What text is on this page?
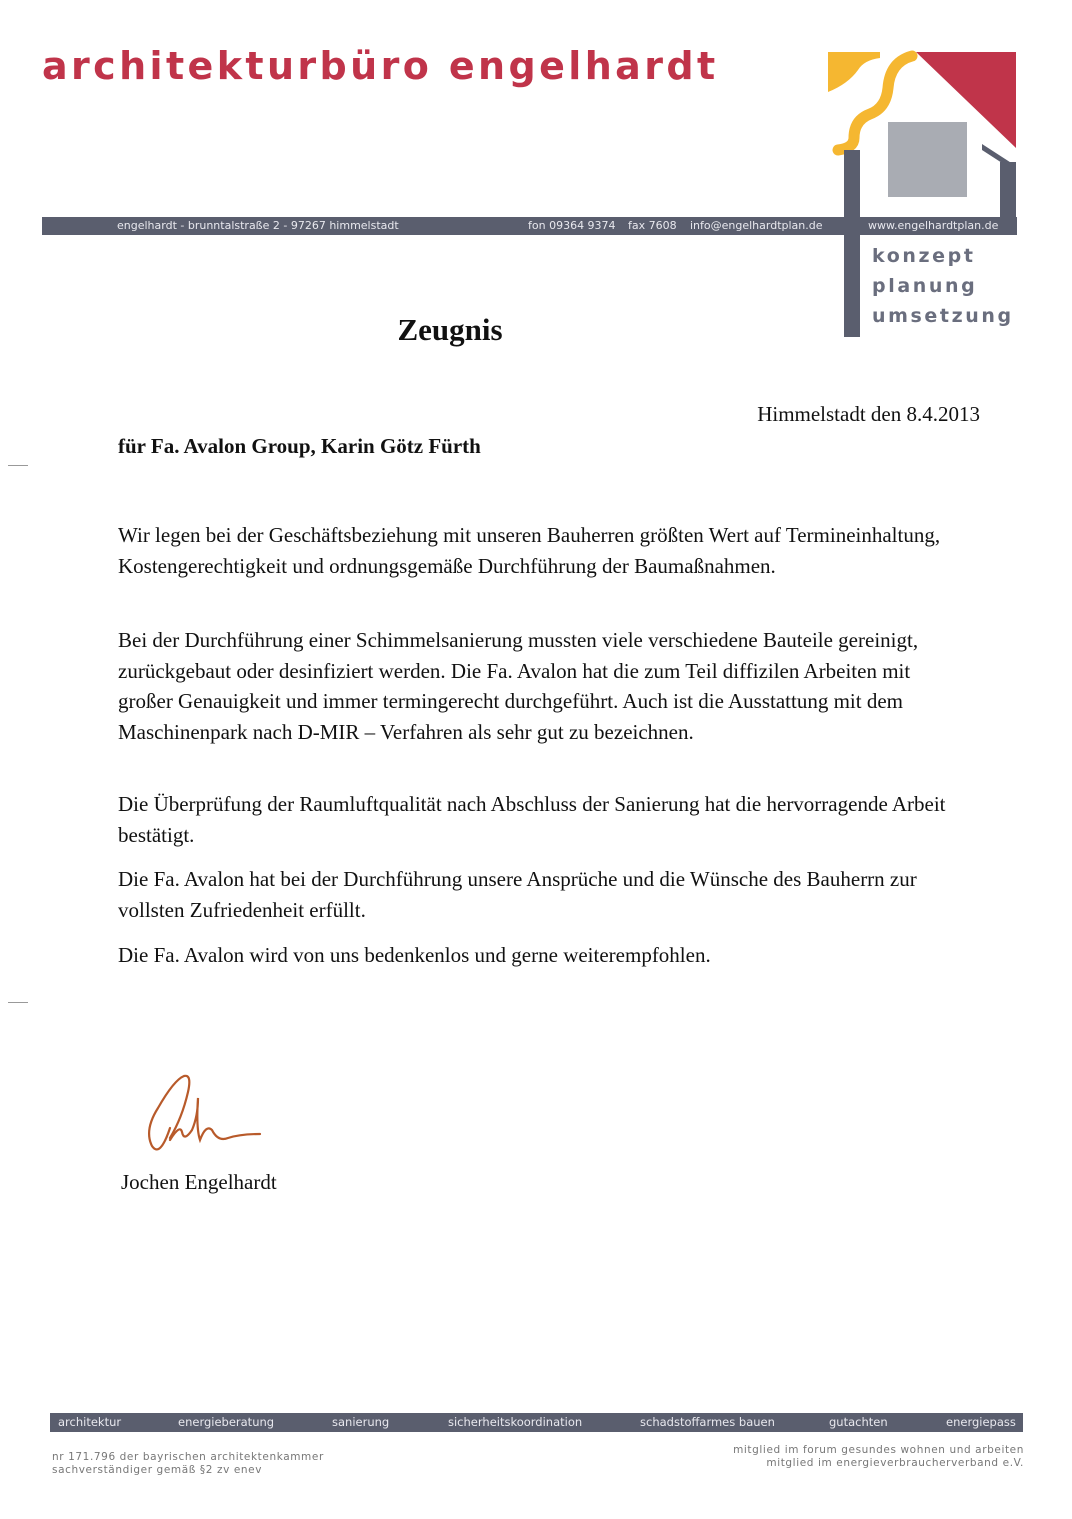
architekturbüro engelhardt
engelhardt - brunntalstraße 2 - 97267 himmelstadt	fon 09364 9374 fax 7608 info@engelhardtplan.de	www.engelhardtplan.de
konzept
planung
umsetzung
Zeugnis
Himmelstadt den 8.4.2013
für Fa. Avalon Group, Karin Götz Fürth
Wir legen bei der Geschäftsbeziehung mit unseren Bauherren größten Wert auf Termineinhaltung, Kostengerechtigkeit und ordnungsgemäße Durchführung der Baumaßnahmen.
Bei der Durchführung einer Schimmelsanierung mussten viele verschiedene Bauteile gereinigt, zurückgebaut oder desinfiziert werden. Die Fa. Avalon hat die zum Teil diffizilen Arbeiten mit großer Genauigkeit und immer termingerecht durchgeführt. Auch ist die Ausstattung mit dem Maschinenpark nach D-MIR – Verfahren als sehr gut zu bezeichnen.
Die Überprüfung der Raumluftqualität nach Abschluss der Sanierung hat die hervorragende Arbeit bestätigt.
Die Fa. Avalon hat bei der Durchführung unsere Ansprüche und die Wünsche des Bauherrn zur vollsten Zufriedenheit erfüllt.
Die Fa. Avalon wird von uns bedenkenlos und gerne weiterempfohlen.
Jochen Engelhardt
architektur	energieberatung	sanierung	sicherheitskoordination	schadstoffarmes bauen	gutachten	energiepass
nr 171.796 der bayrischen architektenkammer
sachverständiger gemäß §2 zv enev
mitglied im forum gesundes wohnen und arbeiten
mitglied im energieverbraucherverband e.V.
